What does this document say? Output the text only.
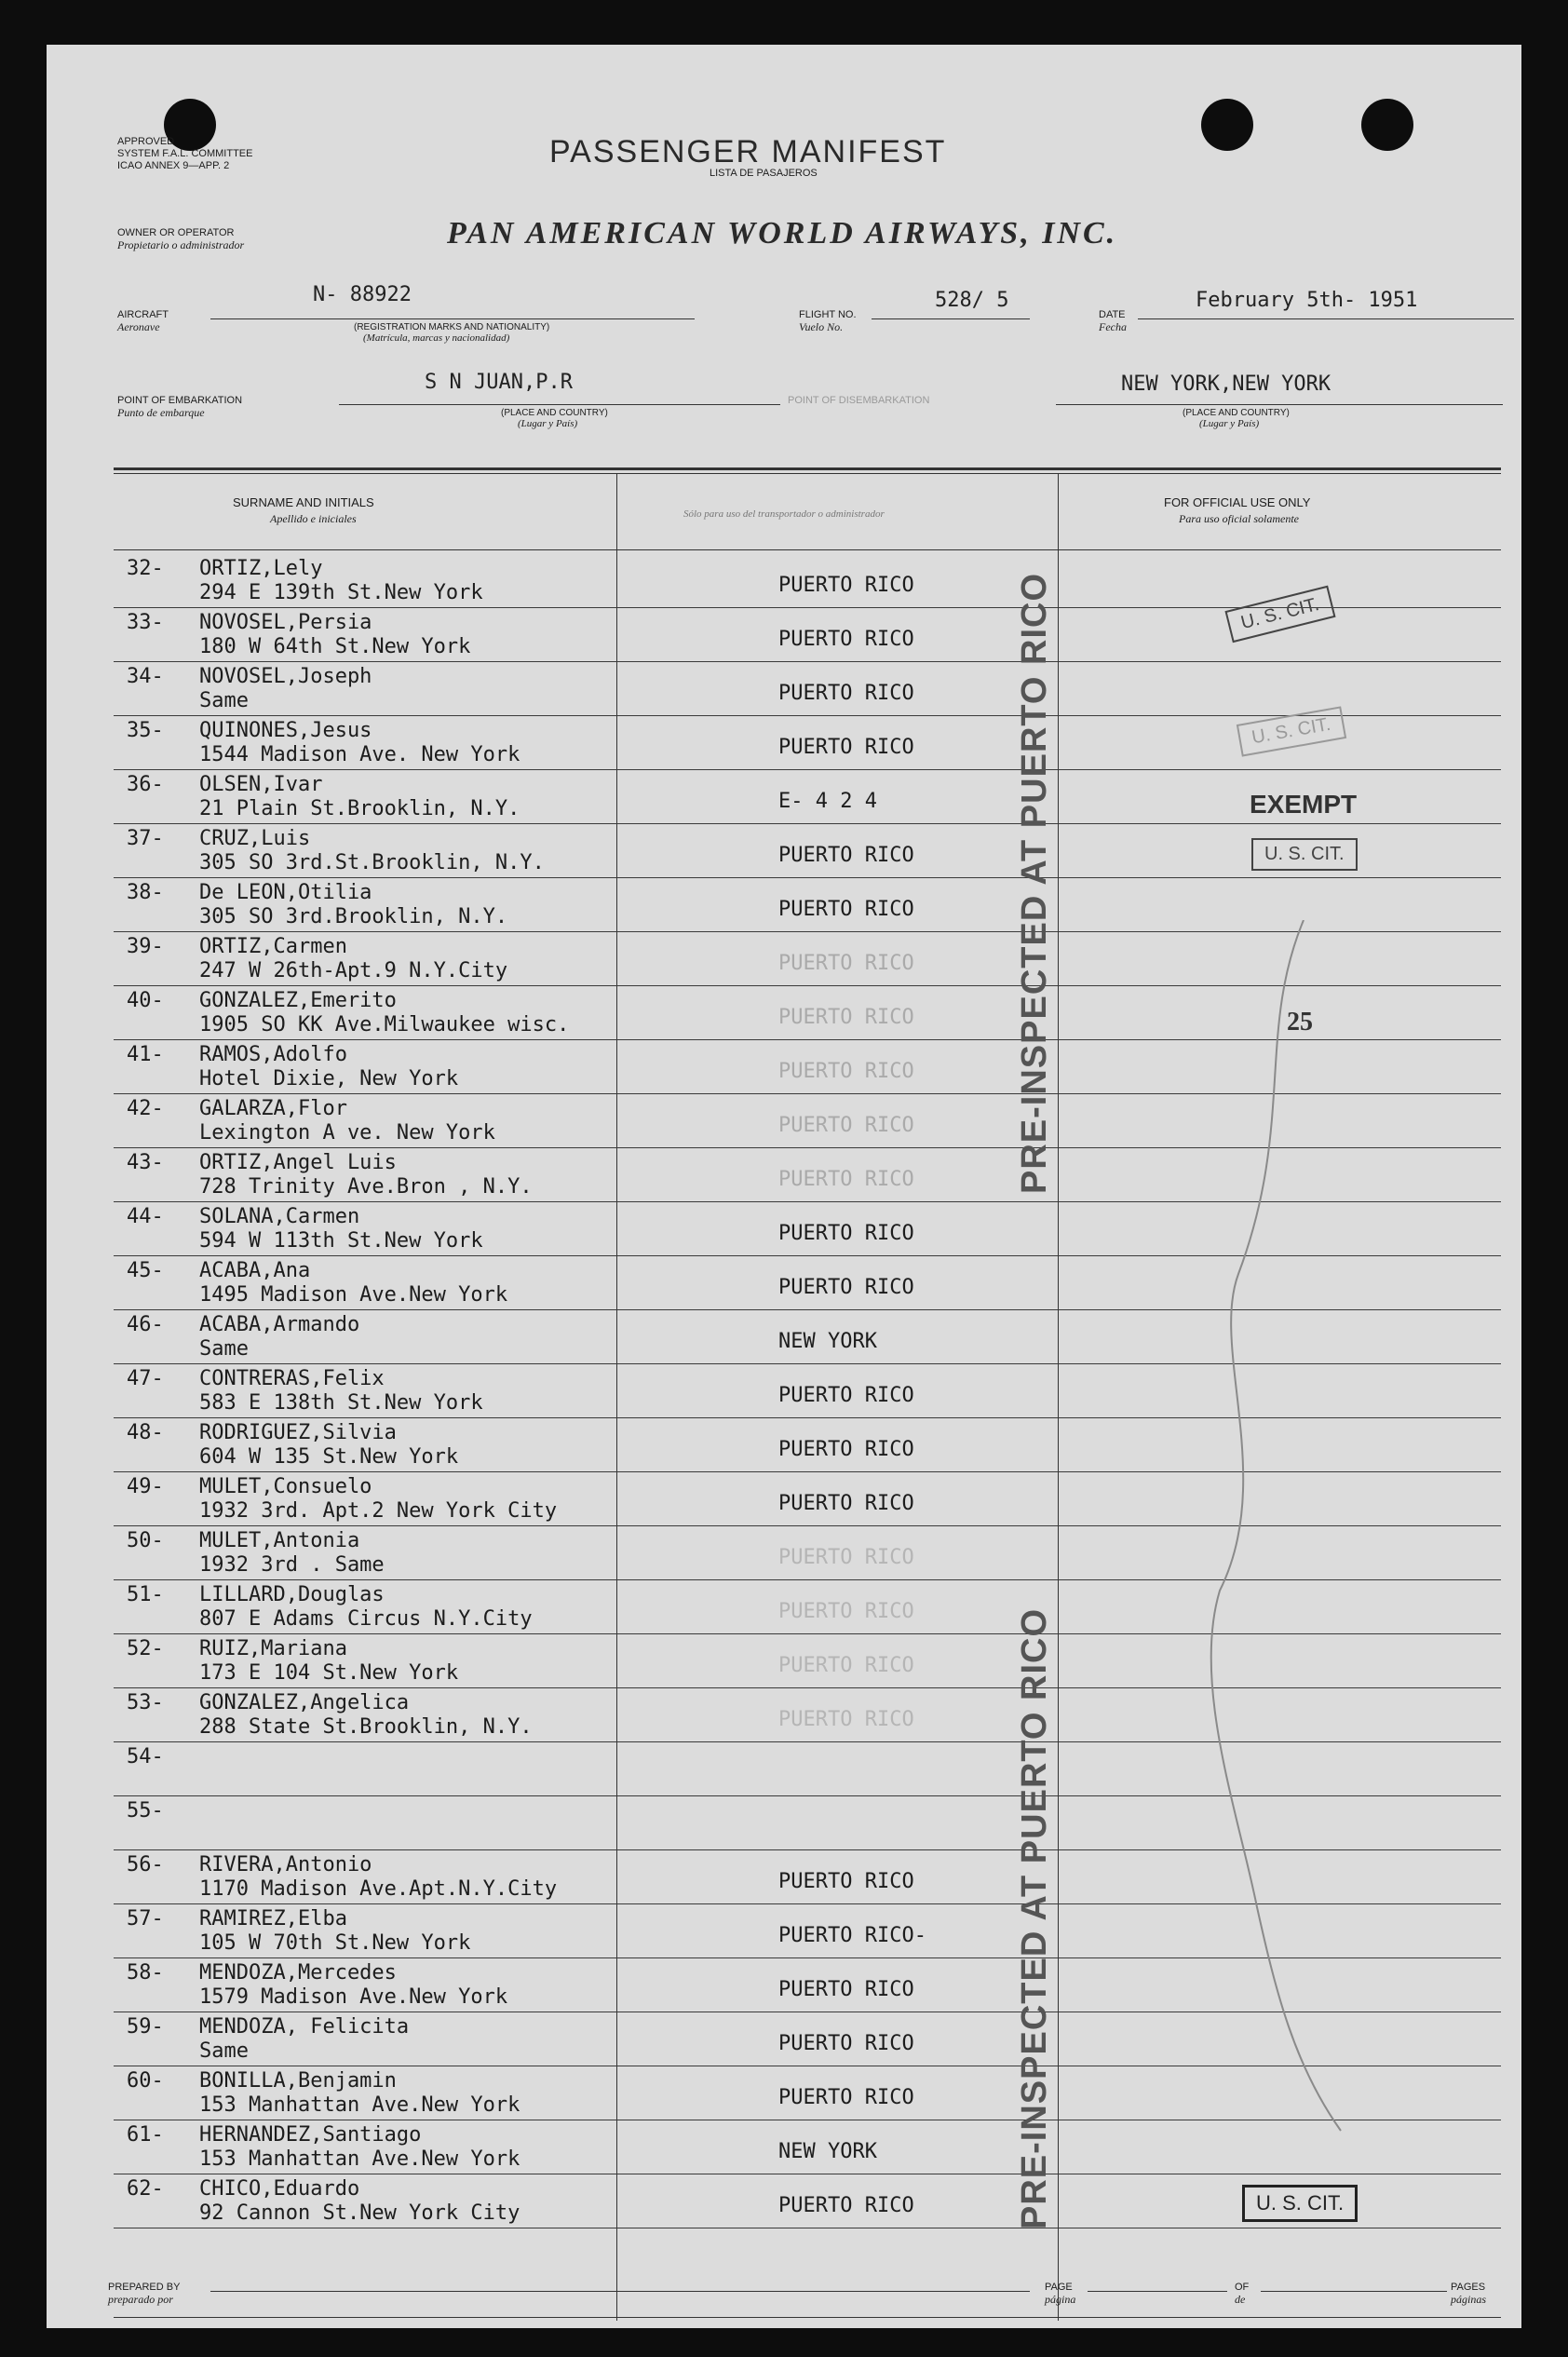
APPROVED
SYSTEM F.A.L. COMMITTEE
ICAO ANNEX 9—APP. 2	PASSENGER MANIFEST
LISTA DE PASAJEROS
OWNER OR OPERATOR
Propietario o administrador	PAN AMERICAN WORLD AIRWAYS, INC.
AIRCRAFT
Aeronave
N- 88922
(REGISTRATION MARKS AND NATIONALITY)
(Matrícula, marcas y nacionalidad)
FLIGHT NO.
Vuelo No.
528/ 5
DATE
Fecha
February 5th- 1951
POINT OF EMBARKATION
Punto de embarque
S N JUAN,P.R
(PLACE AND COUNTRY)
(Lugar y País)
POINT OF DISEMBARKATION
NEW YORK,NEW YORK
(PLACE AND COUNTRY)
(Lugar y País)
SURNAME AND INITIALS
Apellido e iniciales	Sólo para uso del transportador o administrador
FOR OFFICIAL USE ONLY
Para uso oficial solamente
32- ORTIZ,Lely
294 E 139th St.New York	PUERTO RICO
33- NOVOSEL,Persia
180 W 64th St.New York	PUERTO RICO
34- NOVOSEL,Joseph
Same	PUERTO RICO
35- QUINONES,Jesus
1544 Madison Ave. New York	PUERTO RICO
36- OLSEN,Ivar
21 Plain St.Brooklin, N.Y.	E- 4 2 4
37- CRUZ,Luis
305 SO 3rd.St.Brooklin, N.Y.	PUERTO RICO
38- De LEON,Otilia
305 SO 3rd.Brooklin, N.Y.	PUERTO RICO
39- ORTIZ,Carmen
247 W 26th-Apt.9 N.Y.City	PUERTO RICO
40- GONZALEZ,Emerito
1905 SO KK Ave.Milwaukee wisc.	PUERTO RICO
41- RAMOS,Adolfo
Hotel Dixie, New York	PUERTO RICO
42- GALARZA,Flor
Lexington A ve. New York	PUERTO RICO
43- ORTIZ,Angel Luis
728 Trinity Ave.Bron , N.Y.	PUERTO RICO
44- SOLANA,Carmen
594 W 113th St.New York	PUERTO RICO
45- ACABA,Ana
1495 Madison Ave.New York	PUERTO RICO
46- ACABA,Armando
Same	NEW YORK
47- CONTRERAS,Felix
583 E 138th St.New York	PUERTO RICO
48- RODRIGUEZ,Silvia
604 W 135 St.New York	PUERTO RICO
49- MULET,Consuelo
1932 3rd. Apt.2 New York City	PUERTO RICO
50- MULET,Antonia
1932 3rd . Same	PUERTO RICO
51- LILLARD,Douglas
807 E Adams Circus N.Y.City	PUERTO RICO
52- RUIZ,Mariana
173 E 104 St.New York	PUERTO RICO
53- GONZALEZ,Angelica
288 State St.Brooklin, N.Y.	PUERTO RICO
54-
55-
56- RIVERA,Antonio
1170 Madison Ave.Apt.N.Y.City	PUERTO RICO
57- RAMIREZ,Elba
105 W 70th St.New York	PUERTO RICO-
58- MENDOZA,Mercedes
1579 Madison Ave.New York	PUERTO RICO
59- MENDOZA, Felicita
Same	PUERTO RICO
60- BONILLA,Benjamin
153 Manhattan Ave.New York	PUERTO RICO
61- HERNANDEZ,Santiago
153 Manhattan Ave.New York	NEW YORK
62- CHICO,Eduardo
92 Cannon St.New York City	PUERTO RICO
PRE-INSPECTED AT PUERTO RICO
PRE-INSPECTED AT PUERTO RICO
U. S. CIT.
U. S. CIT.
EXEMPT
U. S. CIT.
25
U. S. CIT.
PREPARED BY
preparado por
PAGE
página
OF
de
PAGES
páginas
